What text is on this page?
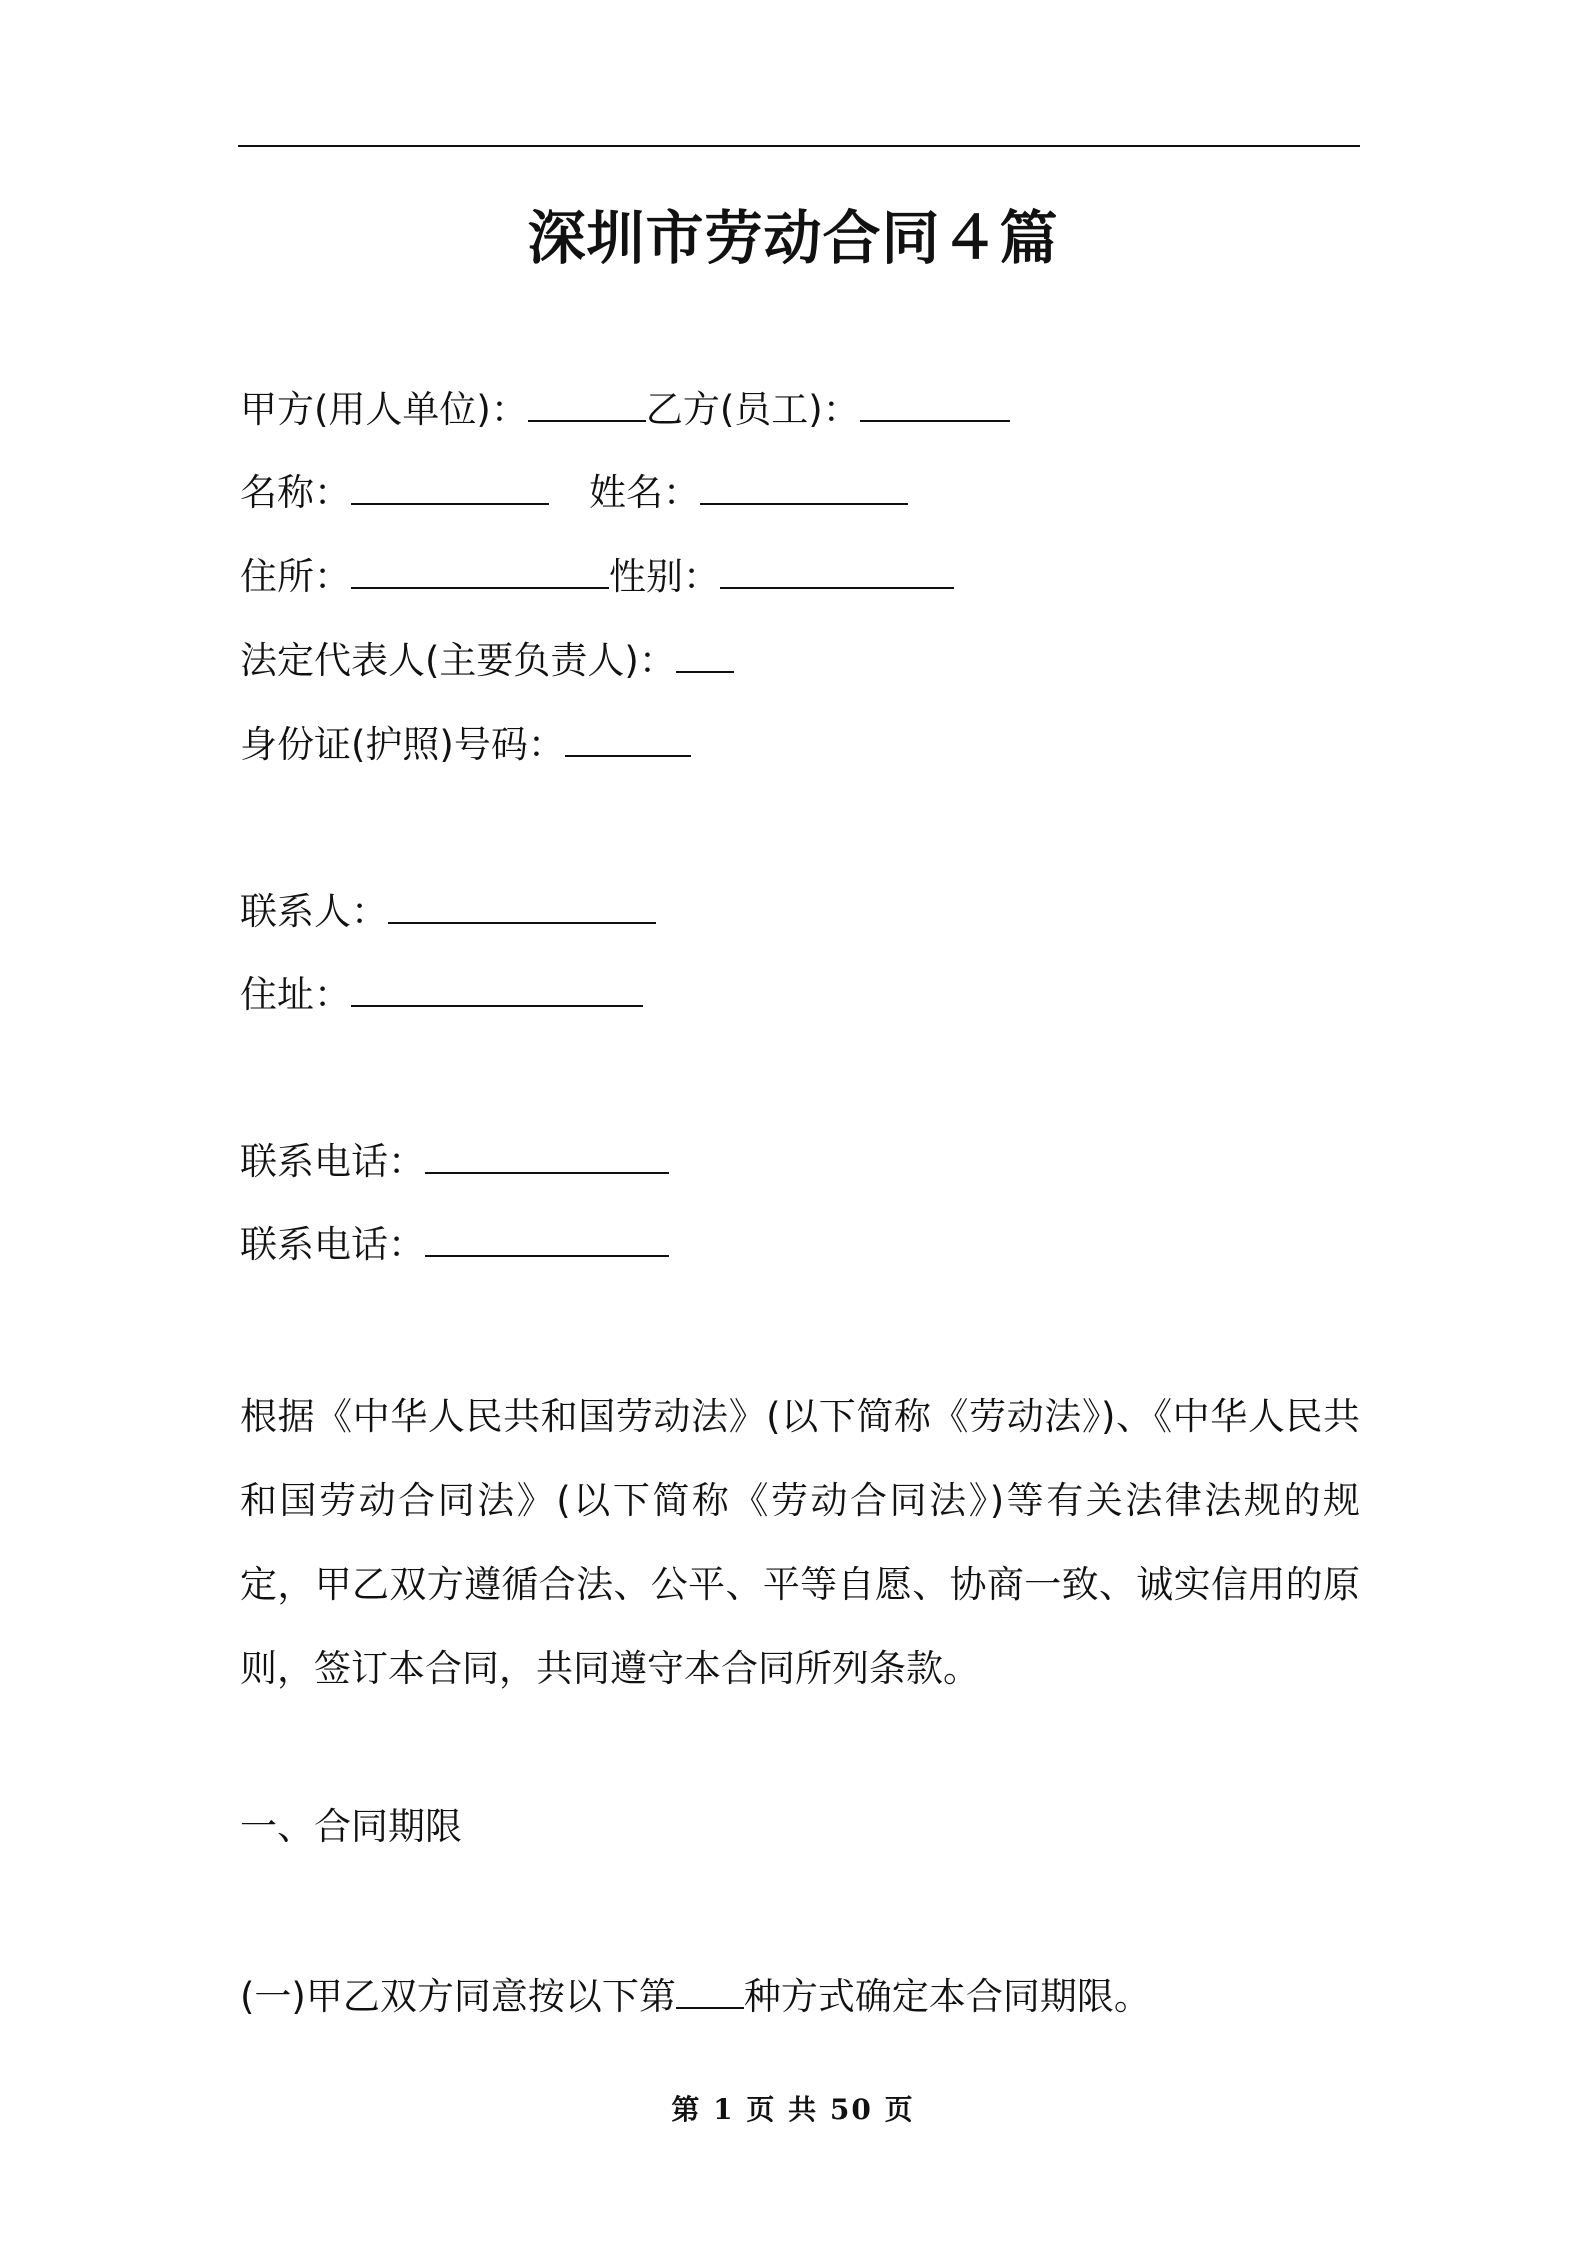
深圳市劳动合同４篇
甲方(用人单位)：	乙方(员工)：
名称：	姓名：
住所：	性别：
法定代表人(主要负责人)：
身份证(护照)号码：
联系人：
住址：
联系电话：
联系电话：
根据《中华人民共和国劳动法》(以下简称《劳动法》)、《中华人民共和国劳动合同法》(以下简称《劳动合同法》)等有关法律法规的规定，甲乙双方遵循合法、公平、平等自愿、协商一致、诚实信用的原则，签订本合同，共同遵守本合同所列条款。
一、合同期限
(一)甲乙双方同意按以下第 种方式确定本合同期限。
第 1 页 共 50 页
